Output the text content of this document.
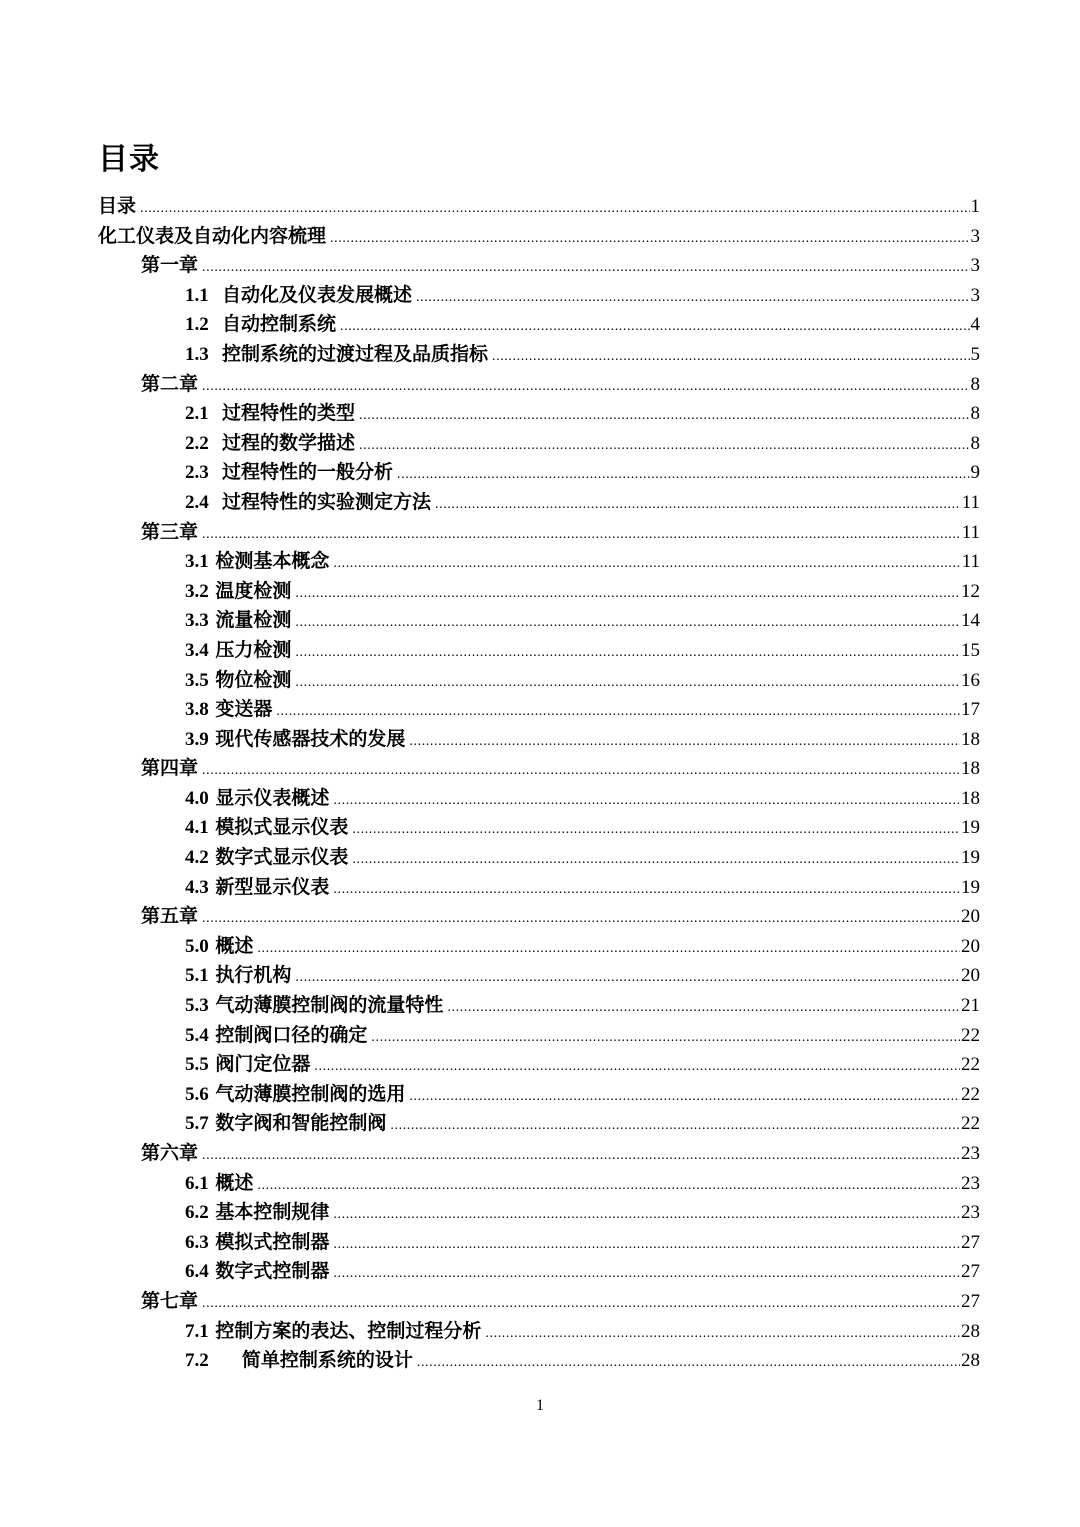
目录
目录 .....	1
化工仪表及自动化内容梳理 .....	3
第一章 .....	3
1.1 自动化及仪表发展概述 .....	3
1.2 自动控制系统 .....	4
1.3 控制系统的过渡过程及品质指标 .....	5
第二章 .....	8
2.1 过程特性的类型 .....	8
2.2 过程的数学描述 .....	8
2.3 过程特性的一般分析 .....	9
2.4 过程特性的实验测定方法 .....	11
第三章 .....	11
3.1 检测基本概念 .....	11
3.2 温度检测 .....	12
3.3 流量检测 .....	14
3.4 压力检测 .....	15
3.5 物位检测 .....	16
3.8 变送器 .....	17
3.9 现代传感器技术的发展 .....	18
第四章 .....	18
4.0 显示仪表概述 .....	18
4.1 模拟式显示仪表 .....	19
4.2 数字式显示仪表 .....	19
4.3 新型显示仪表 .....	19
第五章 .....	20
5.0 概述 .....	20
5.1 执行机构 .....	20
5.3 气动薄膜控制阀的流量特性 .....	21
5.4 控制阀口径的确定 .....	22
5.5 阀门定位器 .....	22
5.6 气动薄膜控制阀的选用 .....	22
5.7 数字阀和智能控制阀 .....	22
第六章 .....	23
6.1 概述 .....	23
6.2 基本控制规律 .....	23
6.3 模拟式控制器 .....	27
6.4 数字式控制器 .....	27
第七章 .....	27
7.1 控制方案的表达、控制过程分析 .....	28
7.2 简单控制系统的设计 .....	28
1
